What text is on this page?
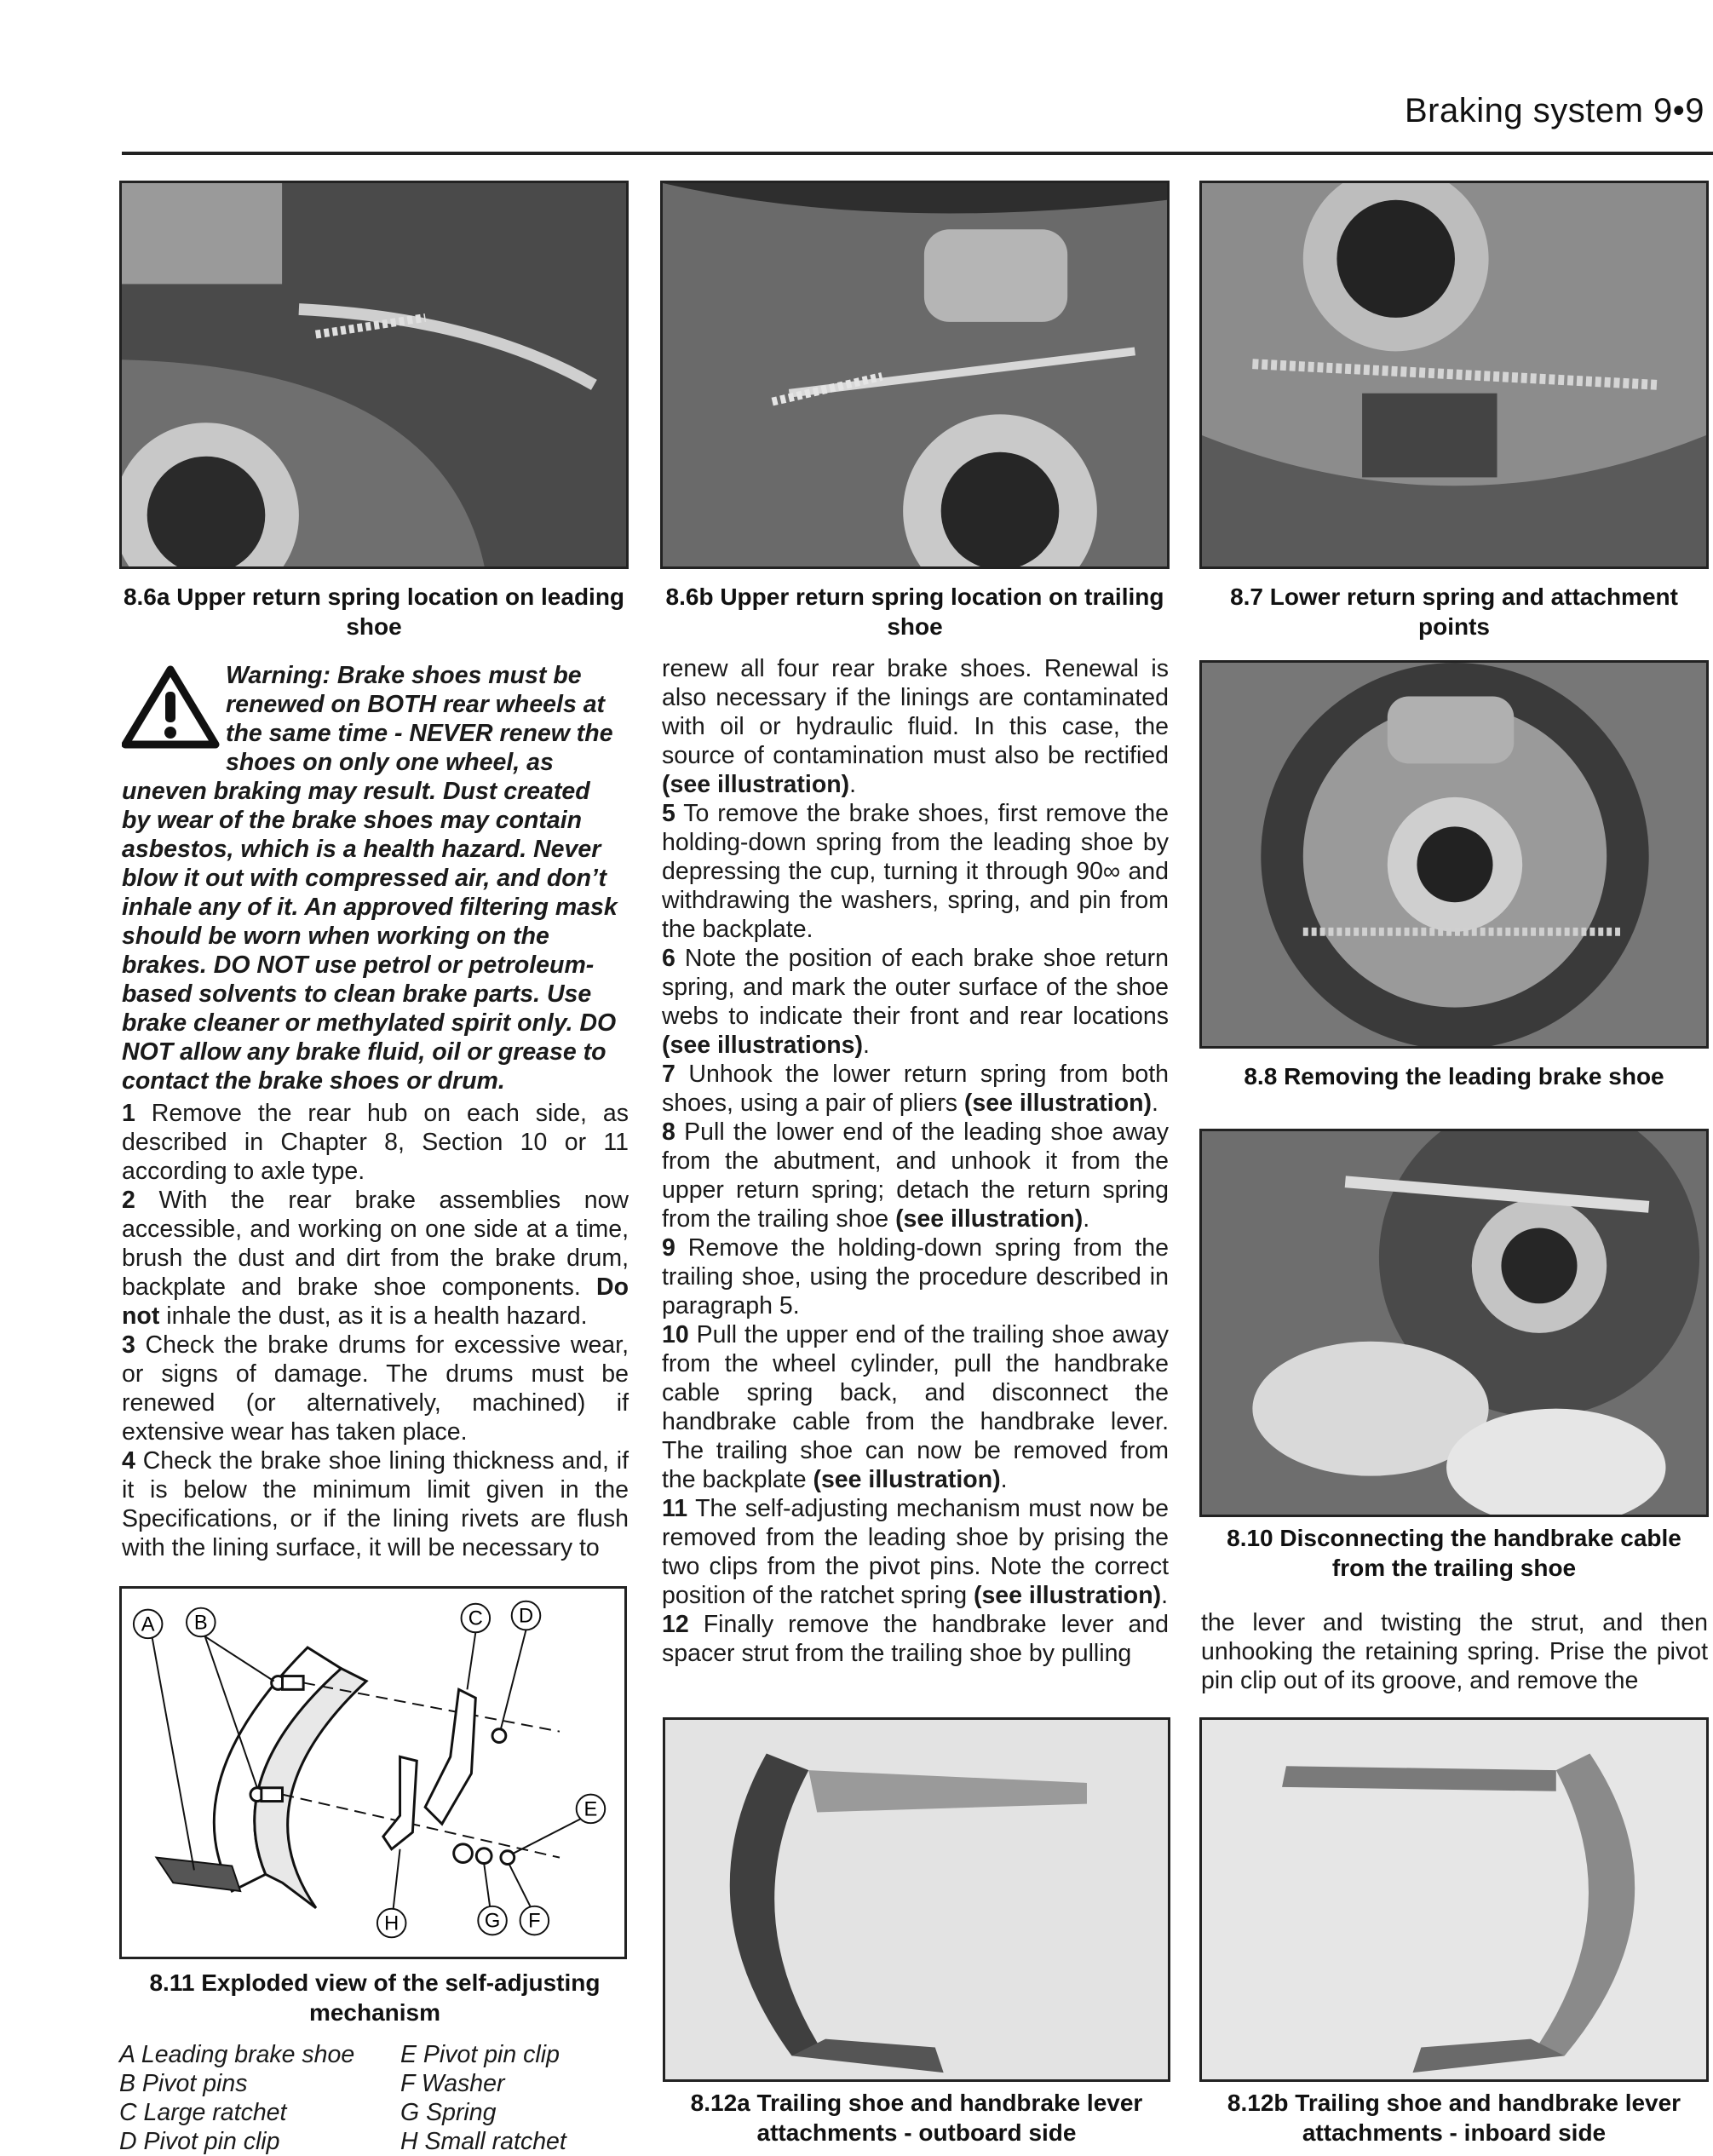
Braking system 9•9
8.6a Upper return spring location on leading shoe
8.6b Upper return spring location on trailing shoe
8.7 Lower return spring and attachment points
8.8 Removing the leading brake shoe
8.10 Disconnecting the handbrake cable from the trailing shoe
Warning: Brake shoes must be renewed on BOTH rear wheels at the same time - NEVER renew the shoes on only one wheel, as uneven braking may result. Dust created by wear of the brake shoes may contain asbestos, which is a health hazard. Never blow it out with compressed air, and don’t inhale any of it. An approved filtering mask should be worn when working on the brakes. DO NOT use petrol or petroleum-based solvents to clean brake parts. Use brake cleaner or methylated spirit only. DO NOT allow any brake fluid, oil or grease to contact the brake shoes or drum.

1 Remove the rear hub on each side, as described in Chapter 8, Section 10 or 11 according to axle type.

2 With the rear brake assemblies now accessible, and working on one side at a time, brush the dust and dirt from the brake drum, backplate and brake shoe components. Do not inhale the dust, as it is a health hazard.

3 Check the brake drums for excessive wear, or signs of damage. The drums must be renewed (or alternatively, machined) if extensive wear has taken place.

4 Check the brake shoe lining thickness and, if it is below the minimum limit given in the Specifications, or if the lining rivets are flush with the lining surface, it will be necessary to

renew all four rear brake shoes. Renewal is also necessary if the linings are contaminated with oil or hydraulic fluid. In this case, the source of contamination must also be rectified (see illustration).

5 To remove the brake shoes, first remove the holding-down spring from the leading shoe by depressing the cup, turning it through 90∞ and withdrawing the washers, spring, and pin from the backplate.

6 Note the position of each brake shoe return spring, and mark the outer surface of the shoe webs to indicate their front and rear locations (see illustrations).

7 Unhook the lower return spring from both shoes, using a pair of pliers (see illustration).

8 Pull the lower end of the leading shoe away from the abutment, and unhook it from the upper return spring; detach the return spring from the trailing shoe (see illustration).

9 Remove the holding-down spring from the trailing shoe, using the procedure described in paragraph 5.

10 Pull the upper end of the trailing shoe away from the wheel cylinder, pull the handbrake cable spring back, and disconnect the handbrake cable from the handbrake lever. The trailing shoe can now be removed from the backplate (see illustration).

11 The self-adjusting mechanism must now be removed from the leading shoe by prising the two clips from the pivot pins. Note the correct position of the ratchet spring (see illustration).

12 Finally remove the handbrake lever and spacer strut from the trailing shoe by pulling

the lever and twisting the strut, and then unhooking the retaining spring. Prise the pivot pin clip out of its groove, and remove the

A B	C D
E
F
G
H
8.11 Exploded view of the self-adjusting mechanism
A Leading brake shoe
B Pivot pins
C Large ratchet
D Pivot pin clip
E Pivot pin clip
F Washer
G Spring
H Small ratchet
8.12a Trailing shoe and handbrake lever attachments - outboard side
8.12b Trailing shoe and handbrake lever attachments - inboard side
